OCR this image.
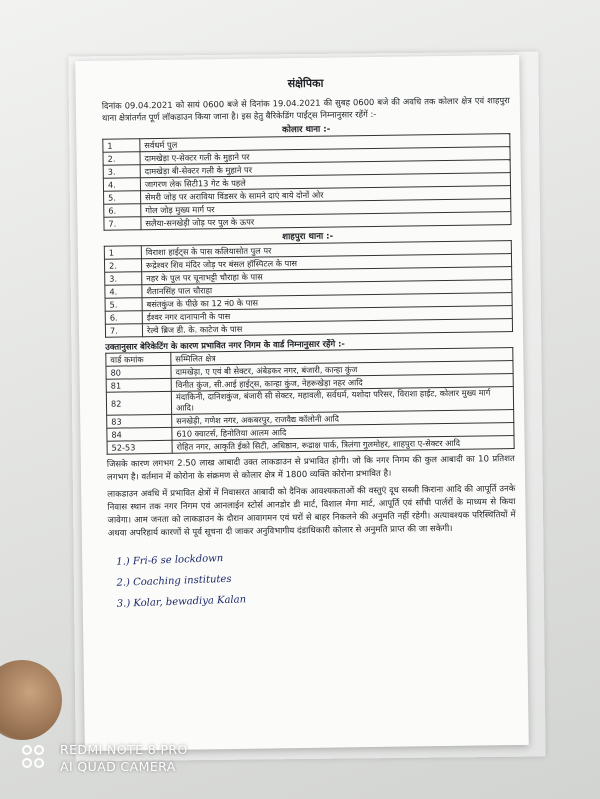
संक्षेपिका
दिनांक 09.04.2021 को सायं 0600 बजे से दिनांक 19.04.2021 की सुबह 0600 बजे की अवधि तक कोलार क्षेत्र एवं शाहपुरा थाना क्षेत्रांतर्गत पूर्ण लॉकडाउन किया जाना है। इस हेतु बैरिकेडिंग पाईंट्स निम्नानुसार रहेंगें :-
कोलार थाना :-
1	सर्वधर्म पुल
2.	दामखेड़ा ए-सेक्टर गली के मुहाने पर
3.	दामखेड़ा बी-सेक्टर गली के मुहाने पर
4.	जागरण लेक सिटी13 गेट के पहले
5.	सेमरी जोड़ पर अराविया विंडसर के सामने दाएं बाये दोनों ओर
6.	गोल जोड़ मुख्य मार्ग पर
7.	सलैया-सनखेड़ी जोड़ पर पुल के ऊपर
शाहपुरा थाना :-
1	विराशा हाईट्स के पास कलियासोत पुल पर
2.	रूद्रेश्वर शिव मंदिर जोड़ पर बंसल हॉस्पिटल के पास
3.	नहर के पुल पर चूनाभट्टी चौराहा के पास
4.	शैतानसिंह पाल चौराहा
5.	बसंतकुंज के पीछे का 12 नं0 के पास
6.	ईश्वर नगर दानापानी के पास
7.	रेल्वे ब्रिज डी. के. काटेज के पास
उक्तानुसार बेरिकेटिंग के कारण प्रभावित नगर निगम के वार्ड निम्नानुसार रहेंगे :-
वार्ड कमांक	सम्मिलित क्षेत्र
80	दामखेड़ा, ए एवं बी सेक्टर, अंबेडकर नगर, बंजारी, कान्हा कुंज
81	विनीत कुंज, सी.आई हाईट्स, कान्हा कुंज, नेहरूखेड़ा नहर आदि
82	मंदाकिनी, दानिशकुंज, बंजारी सी सेक्टर, महावली, सर्वधर्म, यशोदा परिसर, विराशा हाईट, कोलार मुख्य मार्ग आदि।
83	सनखेड़ी, गणेश नगर, अकबरपुर, राजवैद्य कॉलोनी आदि
84	610 क्वाटर्स, हिनोतिया आलम आदि
52-53	रोहित नगर, आकृति ईको सिटी, अधिष्ठान, रूद्राक्ष पार्क, त्रिलंगा गुलमोहर, शाहपुरा ए-सेक्टर आदि
जिसके कारण लगभग 2.50 लाख आबादी उक्त लाकडाउन से प्रभावित होगी। जो कि नगर निगम की कुल आबादी का 10 प्रतिशत लगभग है। वर्तमान में कोरोना के संक्रमण से कोलार क्षेत्र में 1800 व्यक्ति कोरोना प्रभावित है।
लाकडाउन अवधि में प्रभावित क्षेत्रों में निवासरत आबादी को दैनिक आवश्यकताओं की वस्तुएं दूध सब्जी किराना आदि की आपूर्ति उनके निवास स्थान तक नगर निगम एवं आनलाईन स्टोर्स आनडोर डी मार्ट, विशाल मेगा मार्ट, आपूर्ति एवं सॉंची पार्लरों के माध्यम से किया जावेगा। आम जनता को लाकडाउन के दौरान आवागमन एवं घरों से बाहर निकलने की अनुमति नहीं रहेगी। अत्यावश्यक परिस्थितियों में अथवा अपरिहार्य कारणों से पूर्व सूचना दी जाकर अनुविभागीय दंडाधिकारी कोलार से अनुमति प्राप्त की जा सकेगी।
1.) Fri-6 se lockdown
2.) Coaching institutes
3.) Kolar, bewadiya Kalan
REDMI NOTE 8 PRO
AI QUAD CAMERA
